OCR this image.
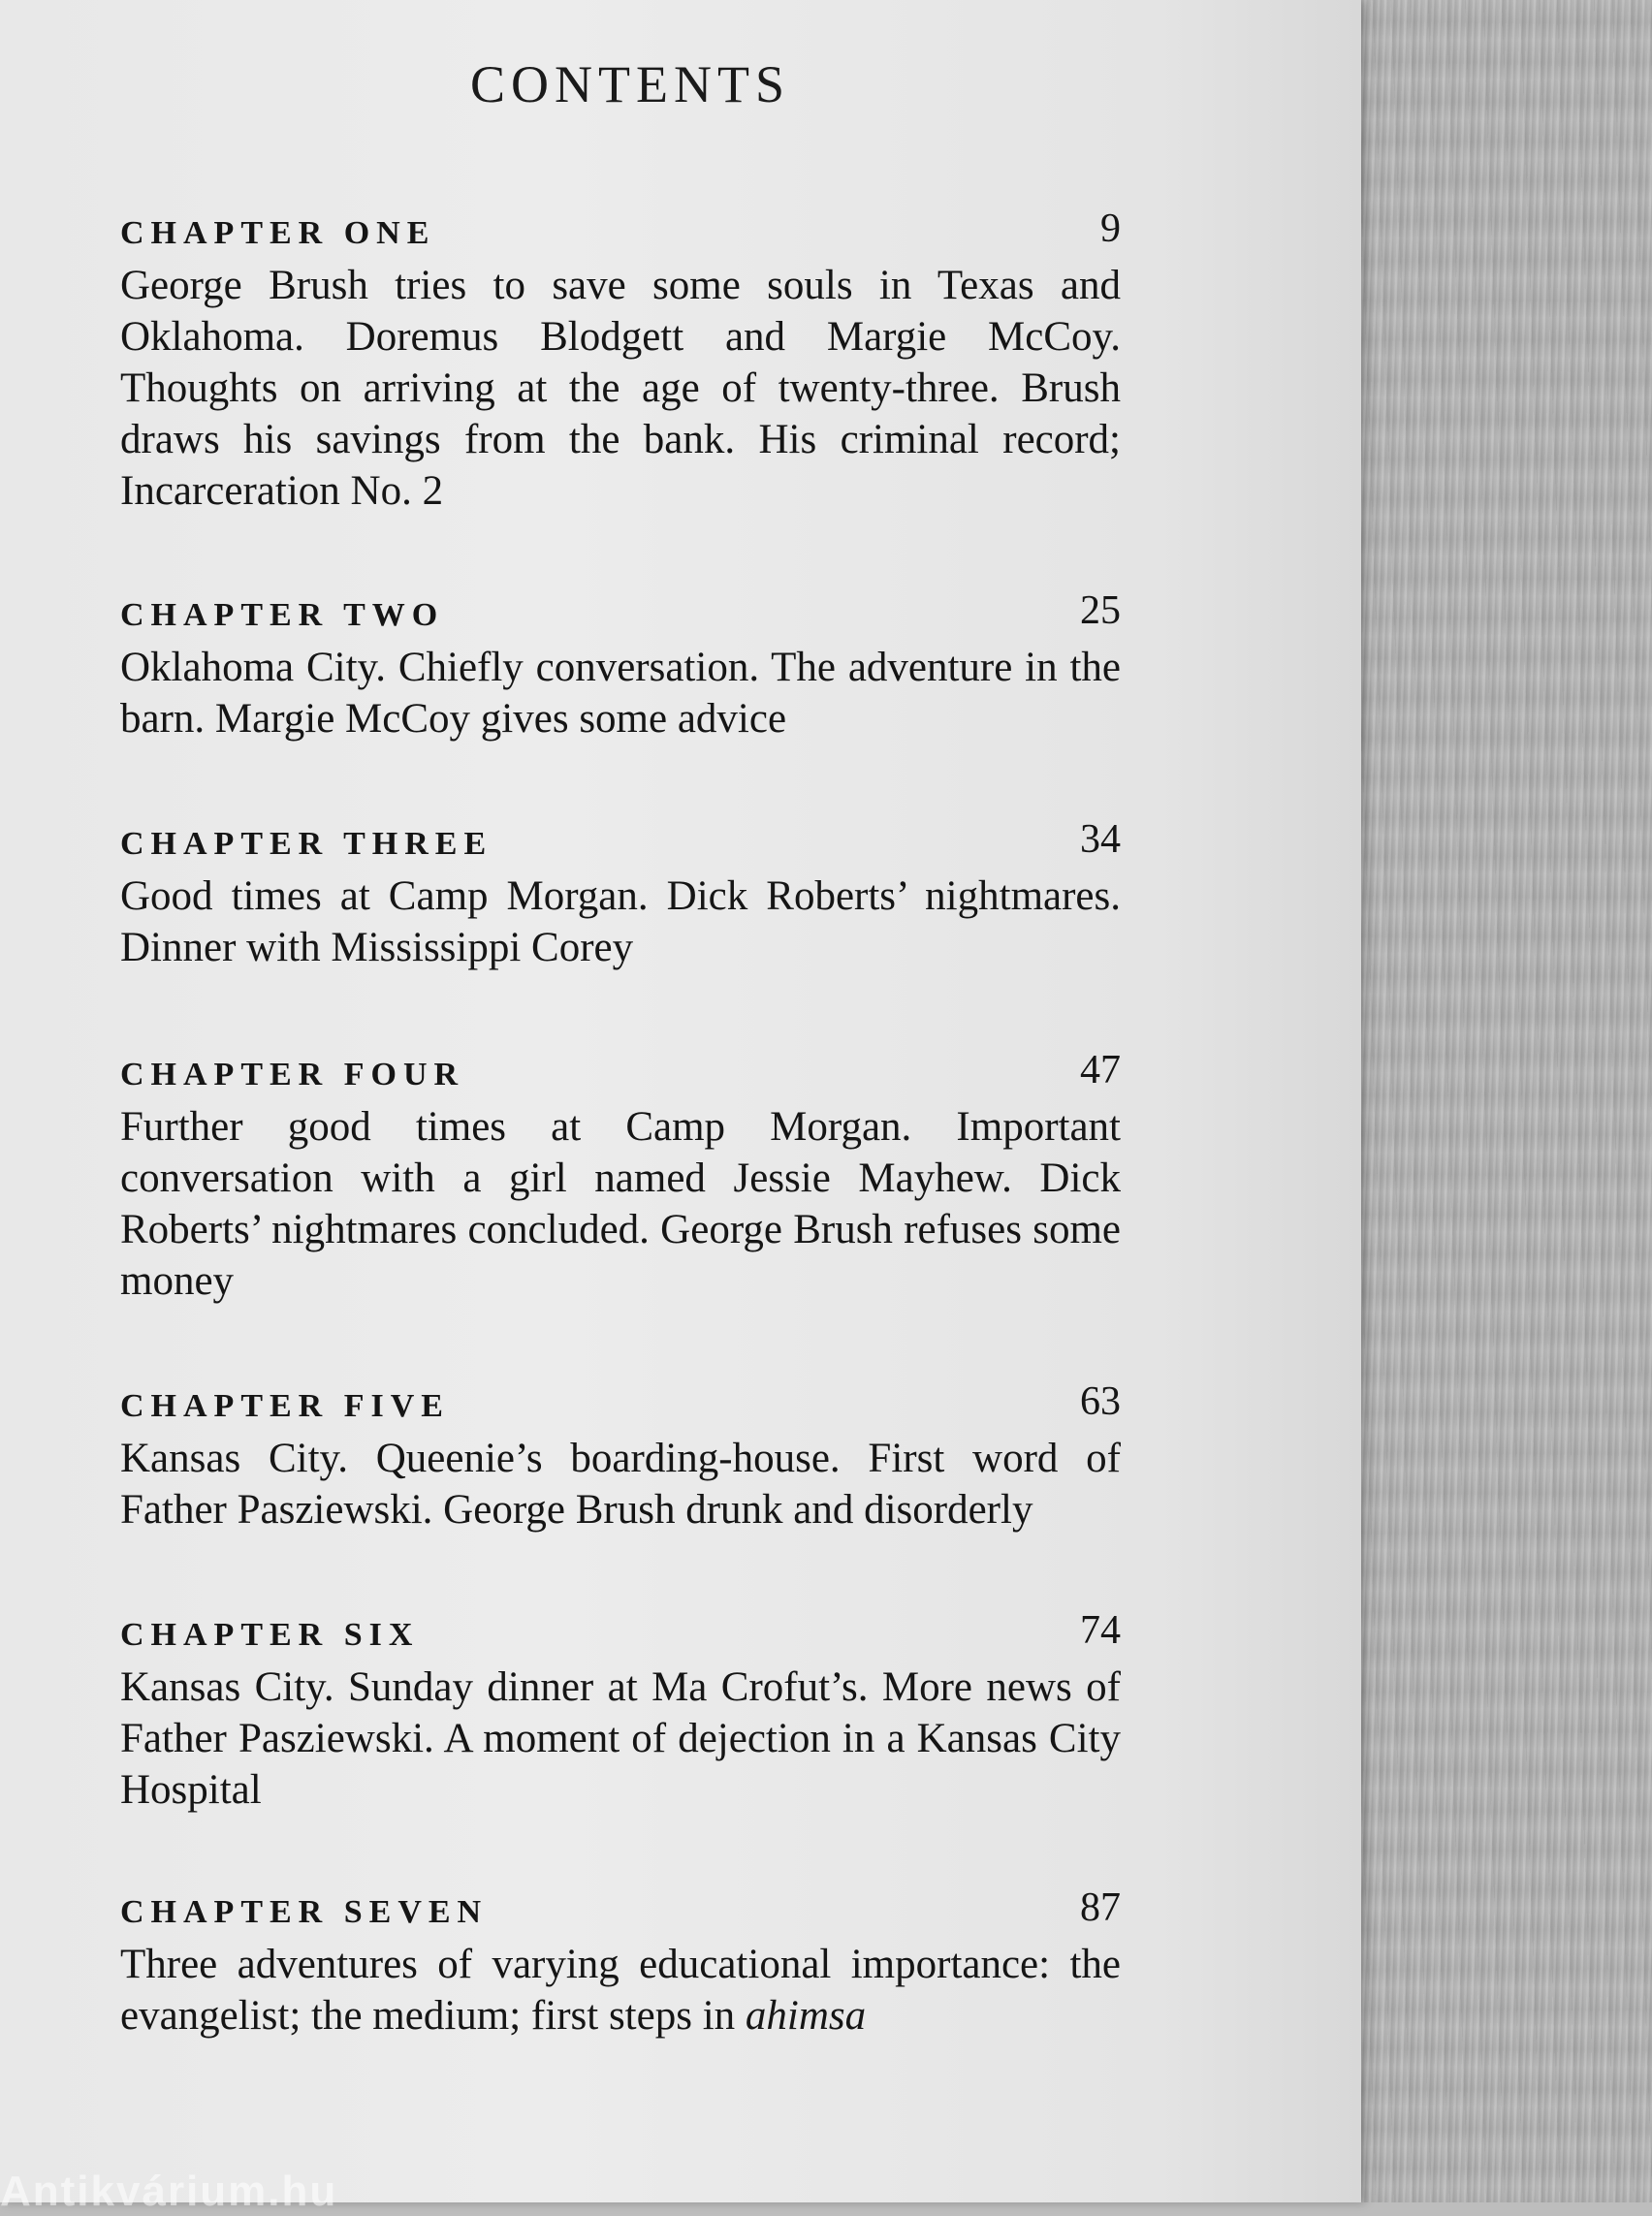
CONTENTS
CHAPTER ONE	9

George Brush tries to save some souls in Texas and Oklahoma. Doremus Blodgett and Margie McCoy. Thoughts on arriving at the age of twenty-three. Brush draws his savings from the bank. His criminal record; Incarceration No. 2

CHAPTER TWO	25

Oklahoma City. Chiefly conversation. The adventure in the barn. Margie McCoy gives some advice

CHAPTER THREE	34

Good times at Camp Morgan. Dick Roberts’ nightmares. Dinner with Mississippi Corey

CHAPTER FOUR	47

Further good times at Camp Morgan. Important conversation with a girl named Jessie Mayhew. Dick Roberts’ nightmares concluded. George Brush refuses some money

CHAPTER FIVE	63

Kansas City. Queenie’s boarding-house. First word of Father Pasziewski. George Brush drunk and disorderly

CHAPTER SIX	74

Kansas City. Sunday dinner at Ma Crofut’s. More news of Father Pasziewski. A moment of dejection in a Kansas City Hospital

CHAPTER SEVEN	87

Three adventures of varying educational importance: the evangelist; the medium; first steps in ahimsa

Antikvárium.hu
